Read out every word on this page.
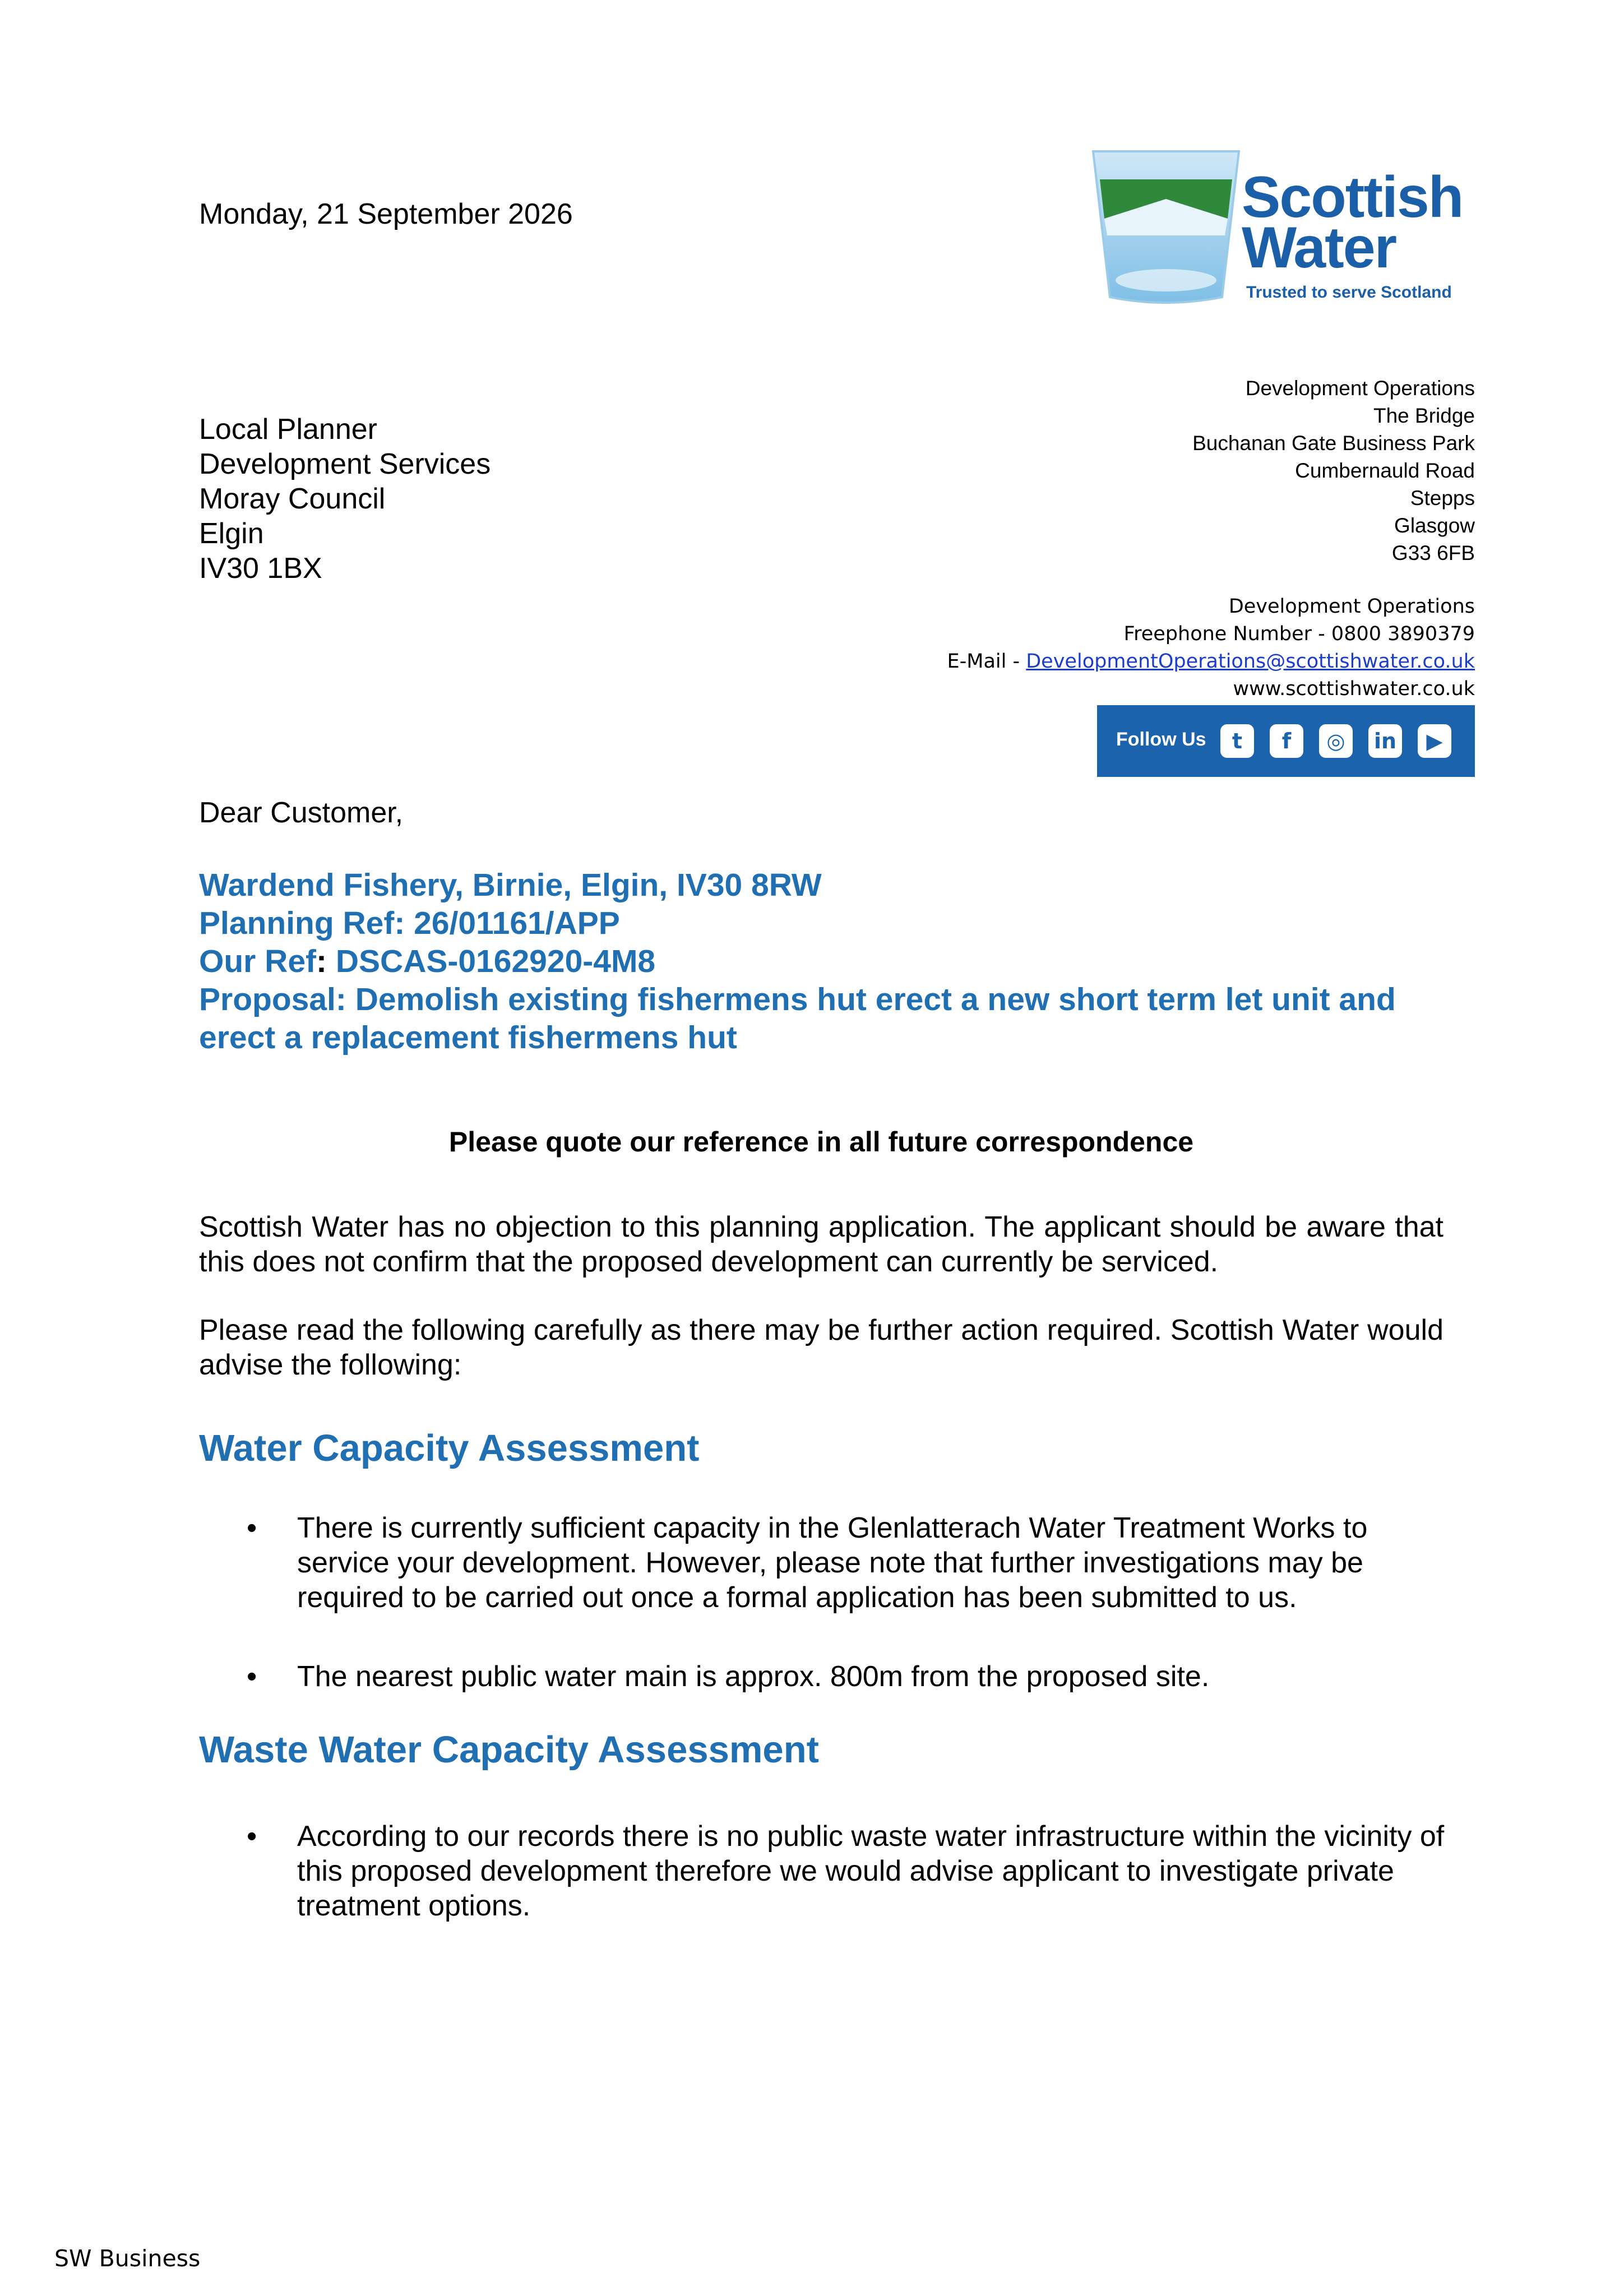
Monday, 21 September 2026	Scottish
Water
Trusted to serve Scotland
Local Planner
Development Services
Moray Council
Elgin
IV30 1BX
Development Operations
The Bridge
Buchanan Gate Business Park
Cumbernauld Road
Stepps
Glasgow
G33 6FB
Development Operations
Freephone Number - 0800 3890379
E-Mail - DevelopmentOperations@scottishwater.co.uk
www.scottishwater.co.uk
Follow Us	t	f	◎	in	▶
Dear Customer,
Wardend Fishery, Birnie, Elgin, IV30 8RW
Planning Ref: 26/01161/APP
Our Ref: DSCAS-0162920-4M8
Proposal: Demolish existing fishermens hut erect a new short term let unit and
erect a replacement fishermens hut
Please quote our reference in all future correspondence
Scottish Water has no objection to this planning application. The applicant should be aware that this does not confirm that the proposed development can currently be serviced.
Please read the following carefully as there may be further action required. Scottish Water would advise the following:
Water Capacity Assessment
• There is currently sufficient capacity in the Glenlatterach Water Treatment Works to service your development. However, please note that further investigations may be required to be carried out once a formal application has been submitted to us.
• The nearest public water main is approx. 800m from the proposed site.
Waste Water Capacity Assessment
• According to our records there is no public waste water infrastructure within the vicinity of this proposed development therefore we would advise applicant to investigate private treatment options.
SW Business
